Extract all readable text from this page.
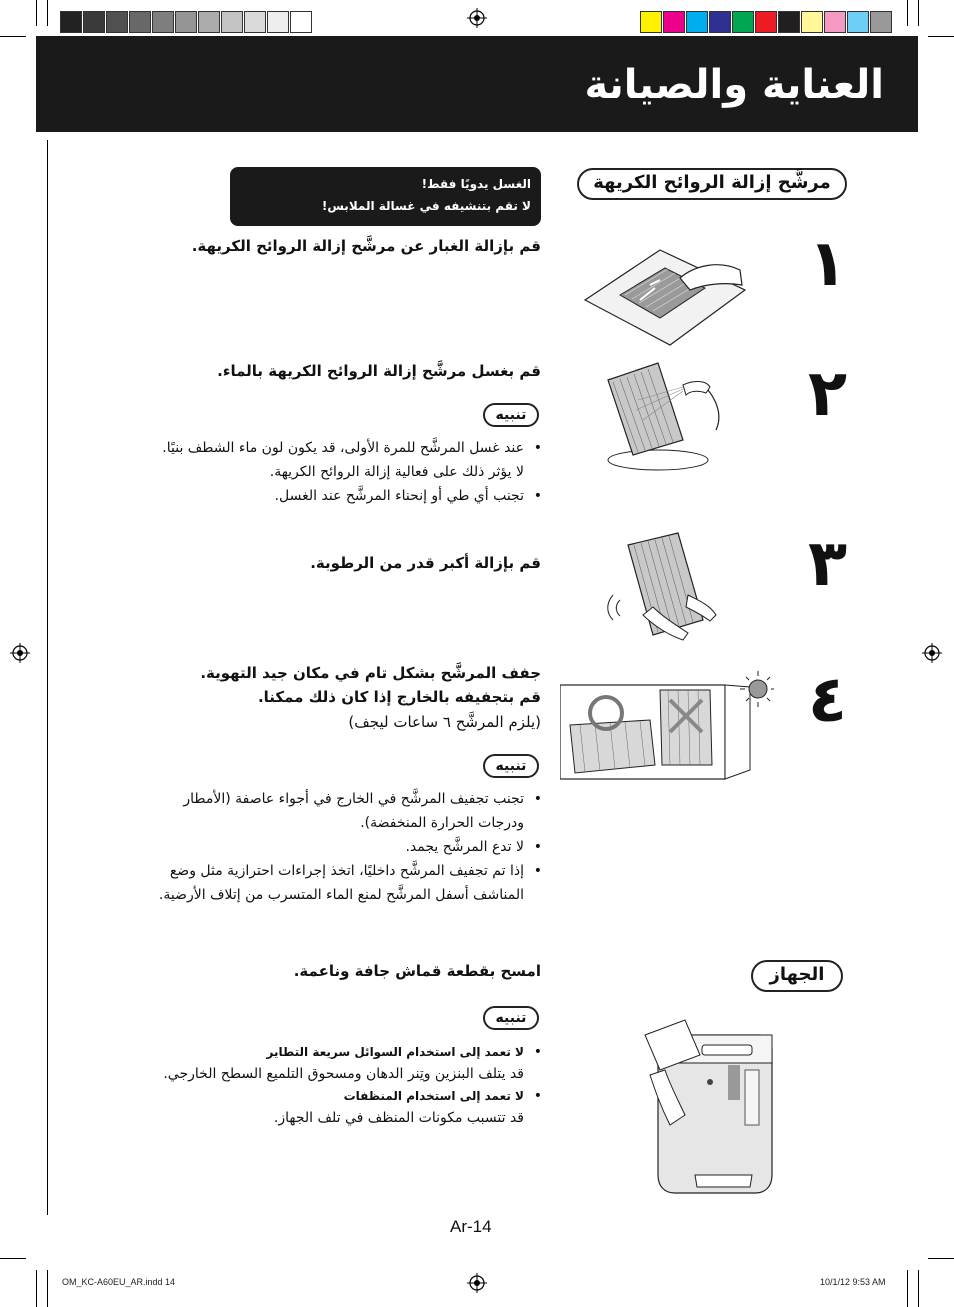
العناية والصيانة
مرشَّح إزالة الروائح الكريهة
الجهاز
الغسل يدويًا فقط!
لا تقم بتنشيفه في غسالة الملابس!
١
قم بإزالة الغبار عن مرشَّح إزالة الروائح الكريهة.
٢
قم بغسل مرشَّح إزالة الروائح الكريهة بالماء.
تنبيه
• عند غسل المرشَّح للمرة الأولى، قد يكون لون ماء الشطف بنيًا.
لا يؤثر ذلك على فعالية إزالة الروائح الكريهة.
• تجنب أي طي أو إنحناء المرشَّح عند الغسل.
٣
قم بإزالة أكبر قدر من الرطوبة.
٤
جفف المرشَّح بشكل تام في مكان جيد التهوية.
قم بتجفيفه بالخارج إذا كان ذلك ممكنا.
(يلزم المرشَّح ٦ ساعات ليجف)
تنبيه
• تجنب تجفيف المرشَّح في الخارج في أجواء عاصفة (الأمطار
ودرجات الحرارة المنخفضة).
• لا تدع المرشَّح يجمد.
• إذا تم تجفيف المرشَّح داخليًا، اتخذ إجراءات احترازية مثل وضع
المناشف أسفل المرشَّح لمنع الماء المتسرب من إتلاف الأرضية.
امسح بقطعة قماش جافة وناعمة.
تنبيه
• لا تعمد إلى استخدام السوائل سريعة التطاير
قد يتلف البنزين وتِنر الدهان ومسحوق التلميع السطح الخارجي.
• لا تعمد إلى استخدام المنظفات
قد تتسبب مكونات المنظف في تلف الجهاز.
Ar-14
OM_KC-A60EU_AR.indd 14	10/1/12 9:53 AM
